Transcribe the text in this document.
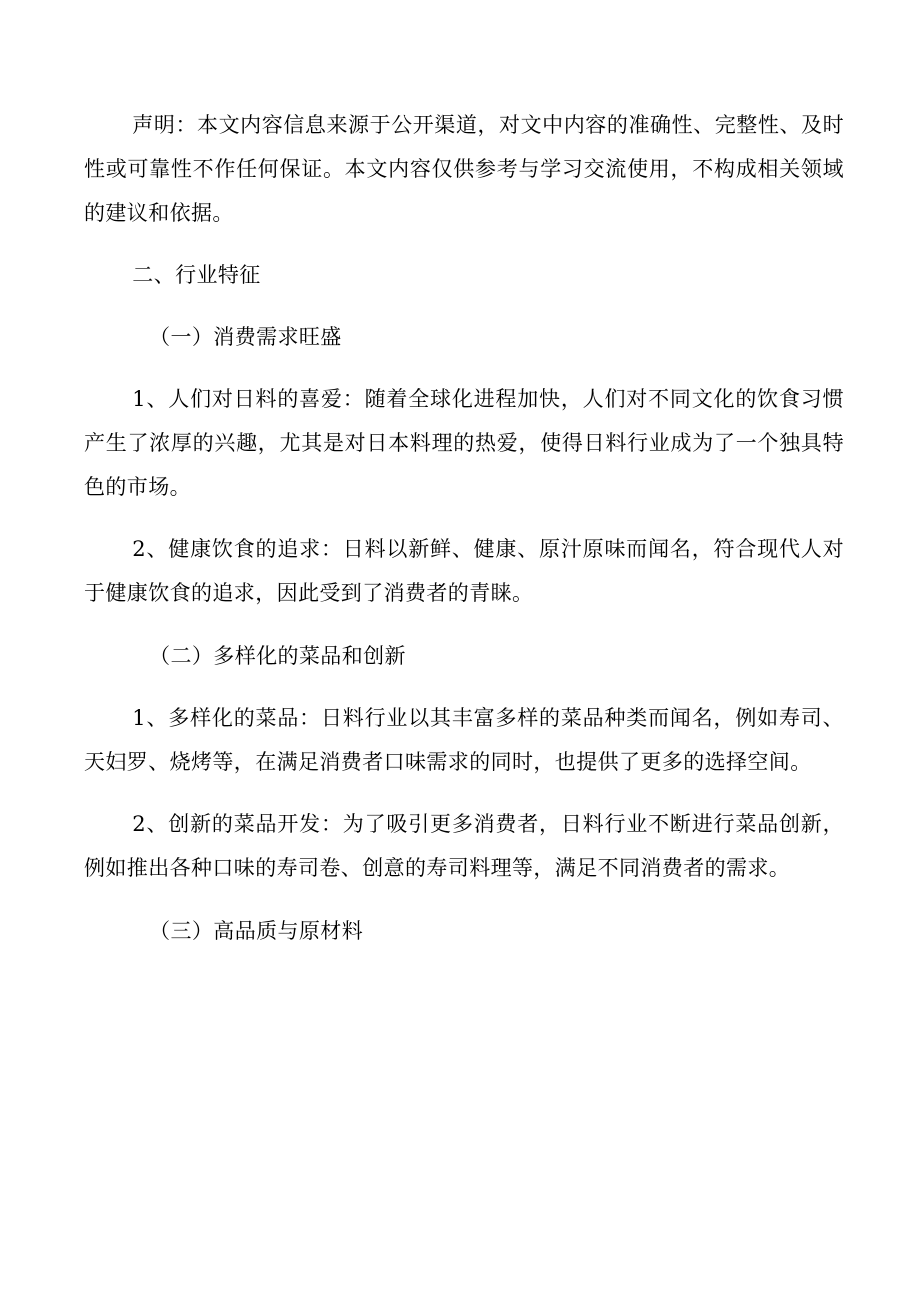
声明：本文内容信息来源于公开渠道，对文中内容的准确性、完整性、及时性或可靠性不作任何保证。本文内容仅供参考与学习交流使用，不构成相关领域的建议和依据。

二、行业特征

（一）消费需求旺盛

1、人们对日料的喜爱：随着全球化进程加快，人们对不同文化的饮食习惯产生了浓厚的兴趣，尤其是对日本料理的热爱，使得日料行业成为了一个独具特色的市场。

2、健康饮食的追求：日料以新鲜、健康、原汁原味而闻名，符合现代人对于健康饮食的追求，因此受到了消费者的青睐。

（二）多样化的菜品和创新

1、多样化的菜品：日料行业以其丰富多样的菜品种类而闻名，例如寿司、天妇罗、烧烤等，在满足消费者口味需求的同时，也提供了更多的选择空间。

2、创新的菜品开发：为了吸引更多消费者，日料行业不断进行菜品创新，例如推出各种口味的寿司卷、创意的寿司料理等，满足不同消费者的需求。

（三）高品质与原材料
